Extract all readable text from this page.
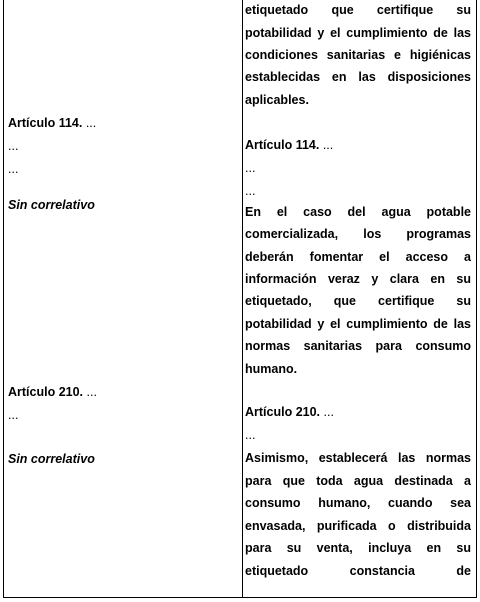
Artículo 114. ...
...
...
Sin correlativo
Artículo 210. ...
...
Sin correlativo
etiquetado que certifique su
potabilidad y el cumplimiento de las
condiciones sanitarias e higiénicas
establecidas en las disposiciones
aplicables.
Artículo 114. ...
...
...
En el caso del agua potable
comercializada, los programas
deberán fomentar el acceso a
información veraz y clara en su
etiquetado, que certifique su
potabilidad y el cumplimiento de las
normas sanitarias para consumo
humano.
Artículo 210. ...
...
Asimismo, establecerá las normas
para que toda agua destinada a
consumo humano, cuando sea
envasada, purificada o distribuida
para su venta, incluya en su
etiquetado constancia de
